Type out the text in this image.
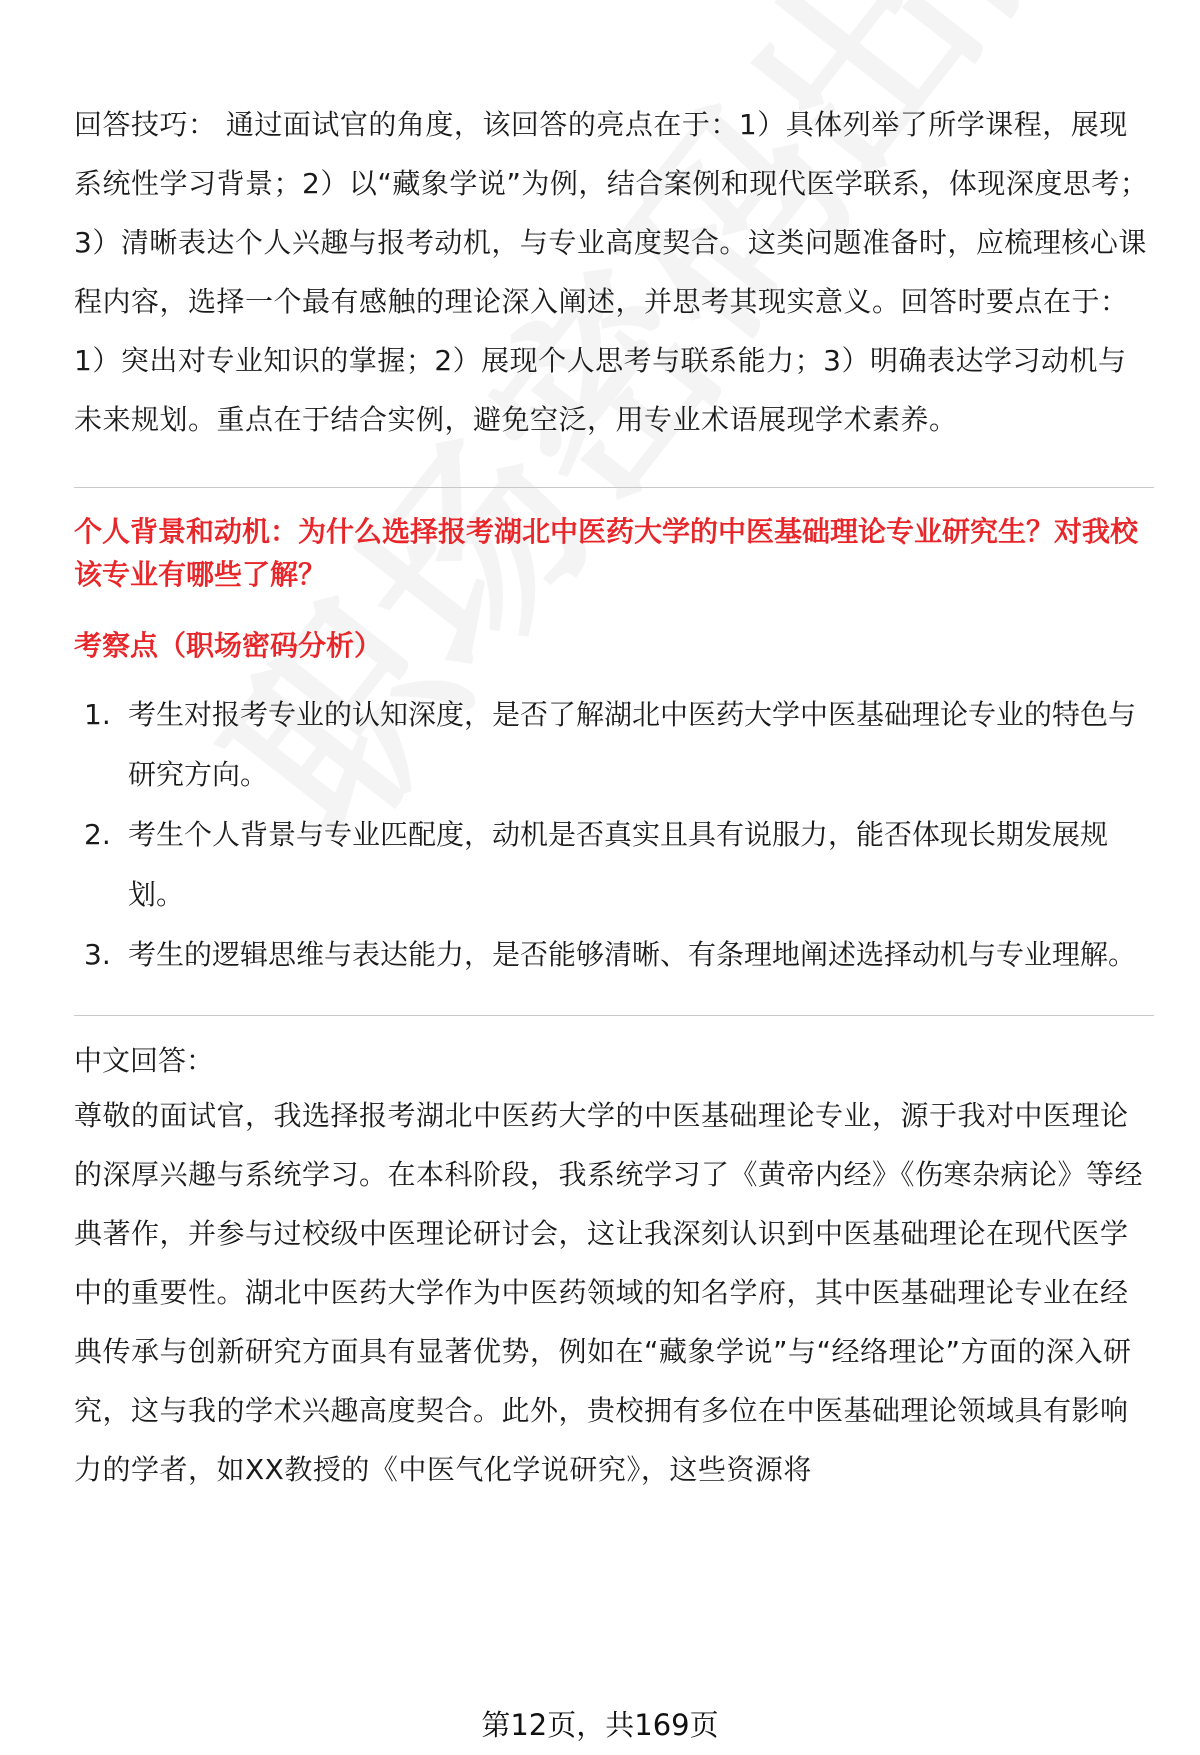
回答技巧： 通过面试官的角度，该回答的亮点在于：1）具体列举了所学课程，展现系统性学习背景；2）以“藏象学说”为例，结合案例和现代医学联系，体现深度思考；3）清晰表达个人兴趣与报考动机，与专业高度契合。这类问题准备时，应梳理核心课程内容，选择一个最有感触的理论深入阐述，并思考其现实意义。回答时要点在于：1）突出对专业知识的掌握；2）展现个人思考与联系能力；3）明确表达学习动机与未来规划。重点在于结合实例，避免空泛，用专业术语展现学术素养。

个人背景和动机：为什么选择报考湖北中医药大学的中医基础理论专业研究生？对我校该专业有哪些了解？

考察点（职场密码分析）

1. 考生对报考专业的认知深度，是否了解湖北中医药大学中医基础理论专业的特色与研究方向。
2. 考生个人背景与专业匹配度，动机是否真实且具有说服力，能否体现长期发展规划。
3. 考生的逻辑思维与表达能力，是否能够清晰、有条理地阐述选择动机与专业理解。

中文回答：

尊敬的面试官，我选择报考湖北中医药大学的中医基础理论专业，源于我对中医理论的深厚兴趣与系统学习。在本科阶段，我系统学习了《黄帝内经》《伤寒杂病论》等经典著作，并参与过校级中医理论研讨会，这让我深刻认识到中医基础理论在现代医学中的重要性。湖北中医药大学作为中医药领域的知名学府，其中医基础理论专业在经典传承与创新研究方面具有显著优势，例如在“藏象学说”与“经络理论”方面的深入研究，这与我的学术兴趣高度契合。此外，贵校拥有多位在中医基础理论领域具有影响力的学者，如XX教授的《中医气化学说研究》，这些资源将

第12页，共169页
